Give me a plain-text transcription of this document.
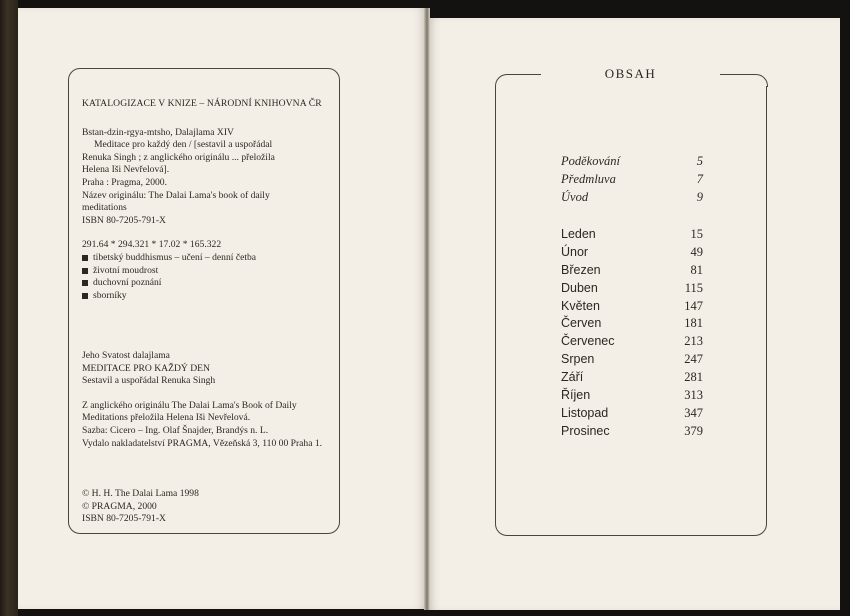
KATALOGIZACE V KNIZE – NÁRODNÍ KNIHOVNA ČR

Bstan-dzin-rgya-mtsho, Dalajlama XIV

Meditace pro každý den / [sestavil a uspořádal

Renuka Singh ; z anglického originálu ... přeložila

Helena Iši Nevřelová].

Praha : Pragma, 2000.

Název originálu: The Dalai Lama's book of daily

meditations

ISBN 80-7205-791-X

291.64 * 294.321 * 17.02 * 165.322

tibetský buddhismus – učení – denní četba

životní moudrost

duchovní poznání

sborníky

Jeho Svatost dalajlama

MEDITACE PRO KAŽDÝ DEN

Sestavil a uspořádal Renuka Singh

Z anglického originálu The Dalai Lama's Book of Daily

Meditations přeložila Helena Iši Nevřelová.

Sazba: Cicero – Ing. Olaf Šnajder, Brandýs n. L.

Vydalo nakladatelství PRAGMA, Vězeňská 3, 110 00 Praha 1.

© H. H. The Dalai Lama 1998

© PRAGMA, 2000

ISBN 80-7205-791-X

OBSAH
Poděkování	5
Předmluva	7
Úvod	9
Leden	15
Únor	49
Březen	81
Duben	115
Květen	147
Červen	181
Červenec	213
Srpen	247
Září	281
Říjen	313
Listopad	347
Prosinec	379
